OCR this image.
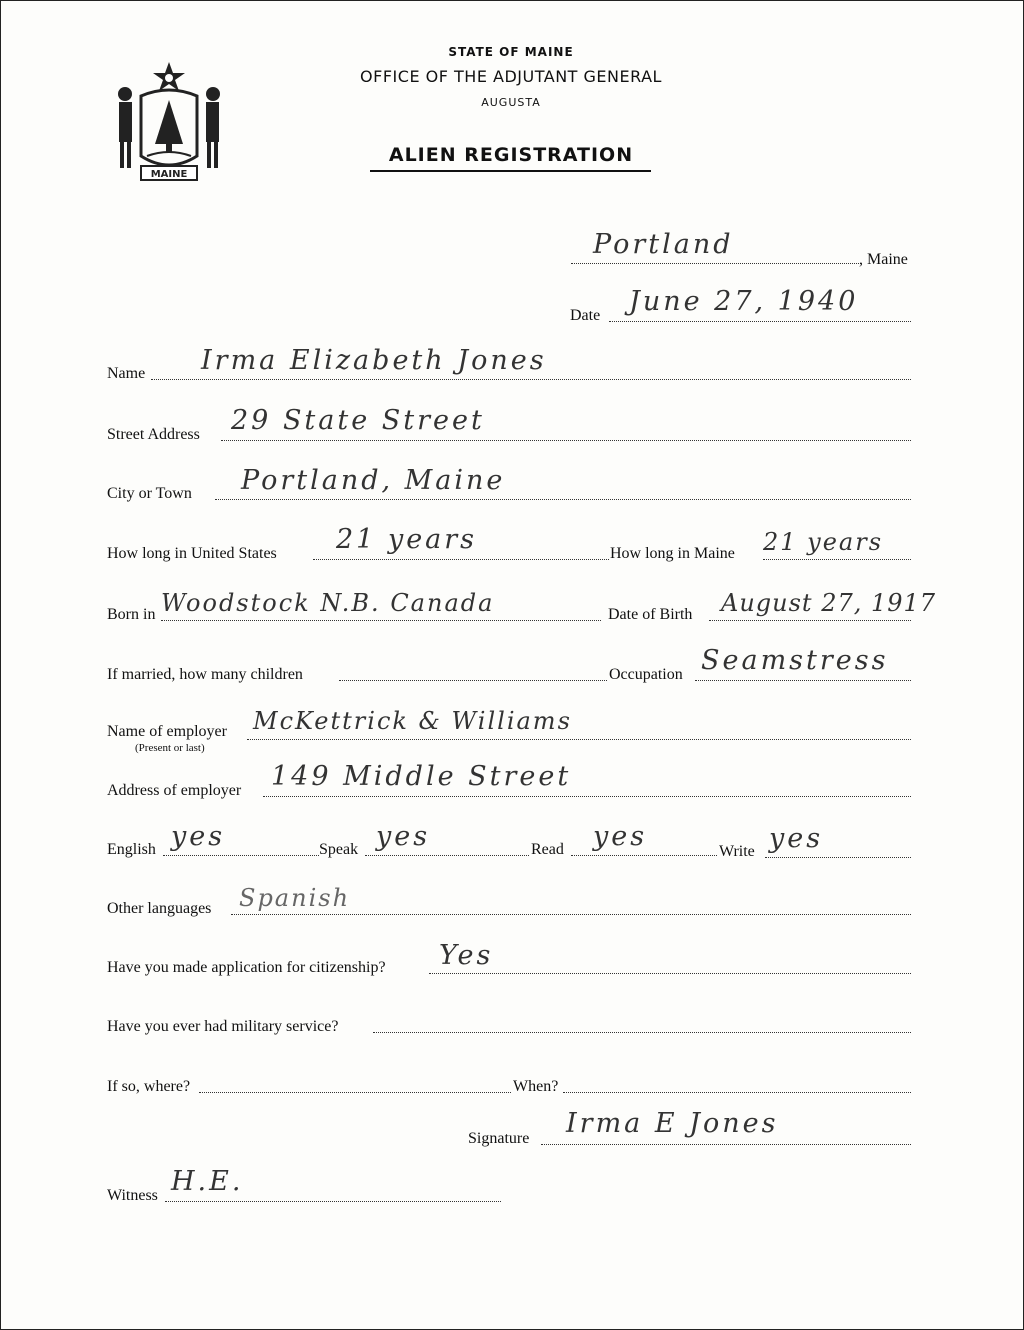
MAINE
STATE OF MAINE
OFFICE OF THE ADJUTANT GENERAL
AUGUSTA
ALIEN REGISTRATION
Portland	, Maine
Date June 27, 1940
Name Irma Elizabeth Jones
Street Address 29 State Street
City or Town Portland, Maine
How long in United States 21 years	How long in Maine 21 years
Born in Woodstock N.B. Canada	Date of Birth August 27, 1917
If married, how many children	Occupation Seamstress
Name of employer
(Present or last)
McKettrick & Williams
Address of employer 149 Middle Street
English yes	Speak yes	Read yes	Write yes
Other languages Spanish
Have you made application for citizenship? Yes
Have you ever had military service?
If so, where?	When?
Signature Irma E Jones
Witness H.E.
